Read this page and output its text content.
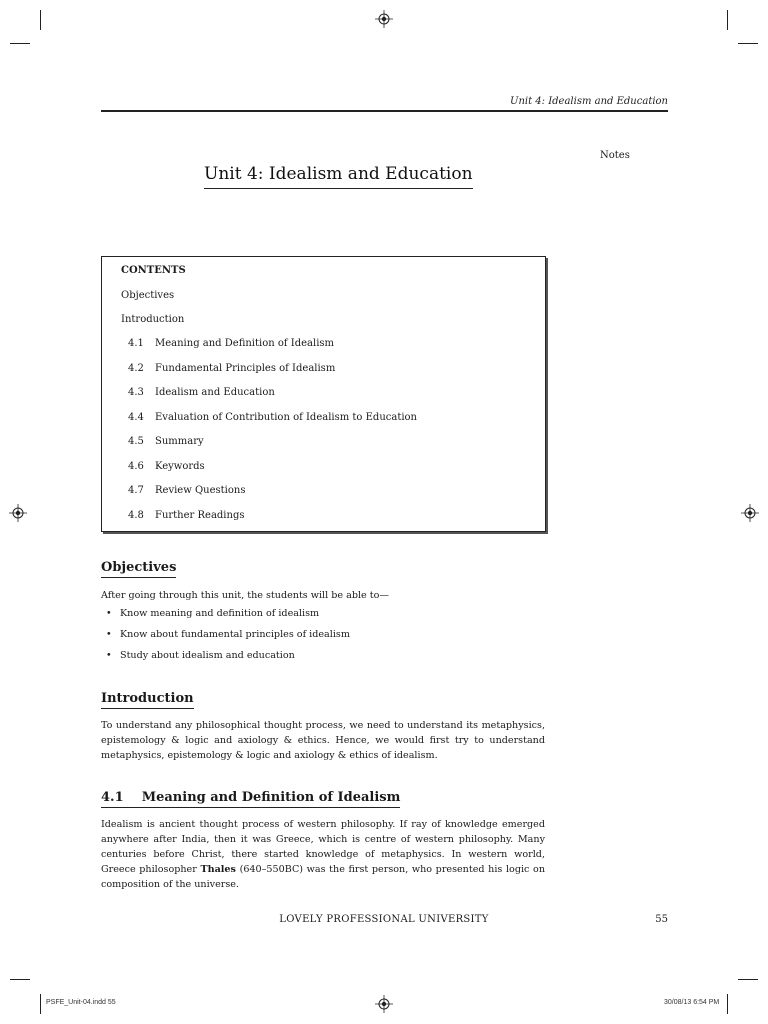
Unit 4: Idealism and Education
Notes
Unit 4: Idealism and Education
CONTENTS
Objectives
Introduction
4.1 Meaning and Definition of Idealism
4.2 Fundamental Principles of Idealism
4.3 Idealism and Education
4.4 Evaluation of Contribution of Idealism to Education
4.5 Summary
4.6 Keywords
4.7 Review Questions
4.8 Further Readings
Objectives
After going through this unit, the students will be able to—
• Know meaning and definition of idealism
• Know about fundamental principles of idealism
• Study about idealism and education
Introduction
To understand any philosophical thought process, we need to understand its metaphysics, epistemology & logic and axiology & ethics. Hence, we would first try to understand metaphysics, epistemology & logic and axiology & ethics of idealism.
4.1    Meaning and Definition of Idealism
Idealism is ancient thought process of western philosophy. If ray of knowledge emerged anywhere after India, then it was Greece, which is centre of western philosophy. Many centuries before Christ, there started knowledge of metaphysics. In western world, Greece philosopher Thales (640–550BC) was the first person, who presented his logic on composition of the universe.
LOVELY PROFESSIONAL UNIVERSITY	55
PSFE_Unit-04.indd 55	30/08/13 6:54 PM
